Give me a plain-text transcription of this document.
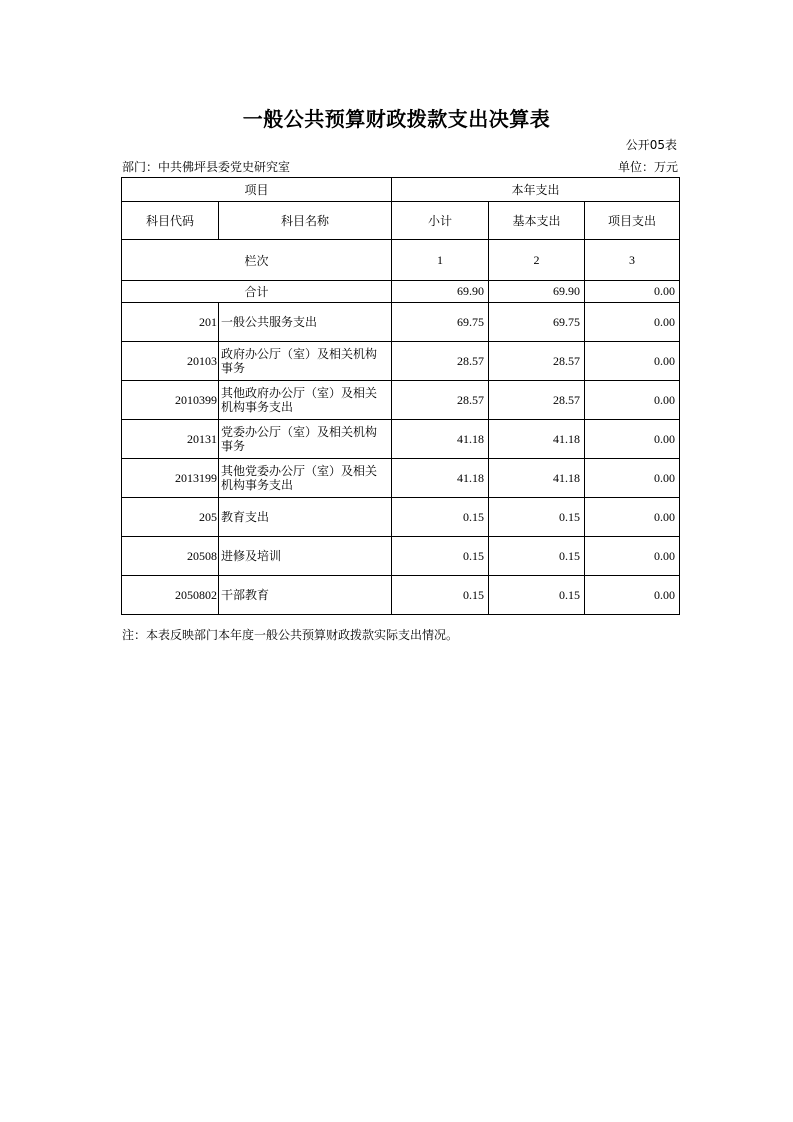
一般公共预算财政拨款支出决算表
公开05表
部门：中共佛坪县委党史研究室	单位：万元
项目		本年支出		
科目代码	科目名称	小计	基本支出	项目支出
栏次		1	2	3
合计		69.90	69.90	0.00
201	一般公共服务支出	69.75	69.75	0.00
20103	政府办公厅（室）及相关机构事务	28.57	28.57	0.00
2010399	其他政府办公厅（室）及相关机构事务支出	28.57	28.57	0.00
20131	党委办公厅（室）及相关机构事务	41.18	41.18	0.00
2013199	其他党委办公厅（室）及相关机构事务支出	41.18	41.18	0.00
205	教育支出	0.15	0.15	0.00
20508	进修及培训	0.15	0.15	0.00
2050802	干部教育	0.15	0.15	0.00
注：本表反映部门本年度一般公共预算财政拨款实际支出情况。
